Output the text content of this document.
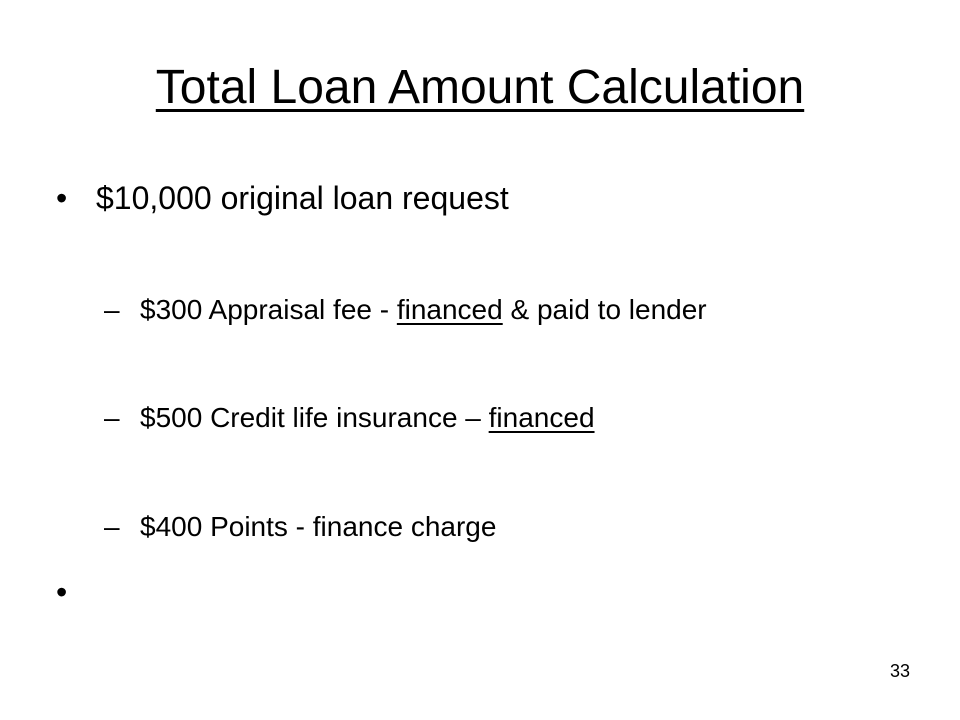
Total Loan Amount Calculation
• $10,000 original loan request
– $300 Appraisal fee - financed & paid to lender
– $500 Credit life insurance – financed
– $400 Points - finance charge
•
33
